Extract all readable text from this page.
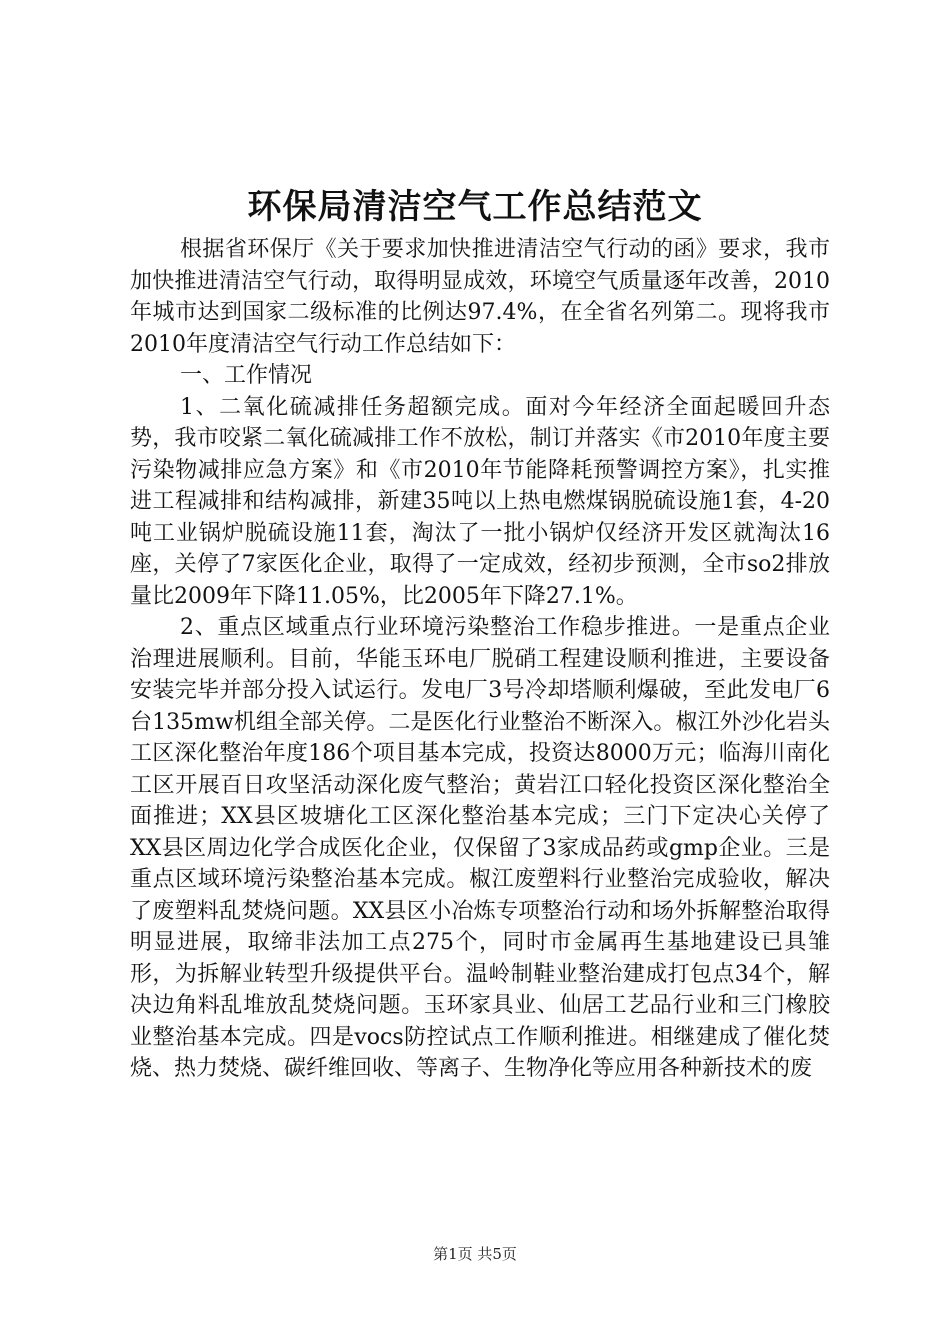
环保局清洁空气工作总结范文

根据省环保厅《关于要求加快推进清洁空气行动的函》要求，我市加快推进清洁空气行动，取得明显成效，环境空气质量逐年改善，2010年城市达到国家二级标准的比例达97.4%，在全省名列第二。现将我市2010年度清洁空气行动工作总结如下：

一、工作情况

1、二氧化硫减排任务超额完成。面对今年经济全面起暖回升态势，我市咬紧二氧化硫减排工作不放松，制订并落实《市2010年度主要污染物减排应急方案》和《市2010年节能降耗预警调控方案》，扎实推进工程减排和结构减排，新建35吨以上热电燃煤锅脱硫设施1套，4-20吨工业锅炉脱硫设施11套，淘汰了一批小锅炉仅经济开发区就淘汰16座，关停了7家医化企业，取得了一定成效，经初步预测，全市so2排放量比2009年下降11.05%，比2005年下降27.1%。

2、重点区域重点行业环境污染整治工作稳步推进。一是重点企业治理进展顺利。目前，华能玉环电厂脱硝工程建设顺利推进，主要设备安装完毕并部分投入试运行。发电厂3号冷却塔顺利爆破，至此发电厂6台135mw机组全部关停。二是医化行业整治不断深入。椒江外沙化岩头工区深化整治年度186个项目基本完成，投资达8000万元；临海川南化工区开展百日攻坚活动深化废气整治；黄岩江口轻化投资区深化整治全面推进；XX县区坡塘化工区深化整治基本完成；三门下定决心关停了XX县区周边化学合成医化企业，仅保留了3家成品药或gmp企业。三是重点区域环境污染整治基本完成。椒江废塑料行业整治完成验收，解决了废塑料乱焚烧问题。XX县区小冶炼专项整治行动和场外拆解整治取得明显进展，取缔非法加工点275个，同时市金属再生基地建设已具雏形，为拆解业转型升级提供平台。温岭制鞋业整治建成打包点34个，解决边角料乱堆放乱焚烧问题。玉环家具业、仙居工艺品行业和三门橡胶业整治基本完成。四是vocs防控试点工作顺利推进。相继建成了催化焚烧、热力焚烧、碳纤维回收、等离子、生物净化等应用各种新技术的废

第1页 共5页
